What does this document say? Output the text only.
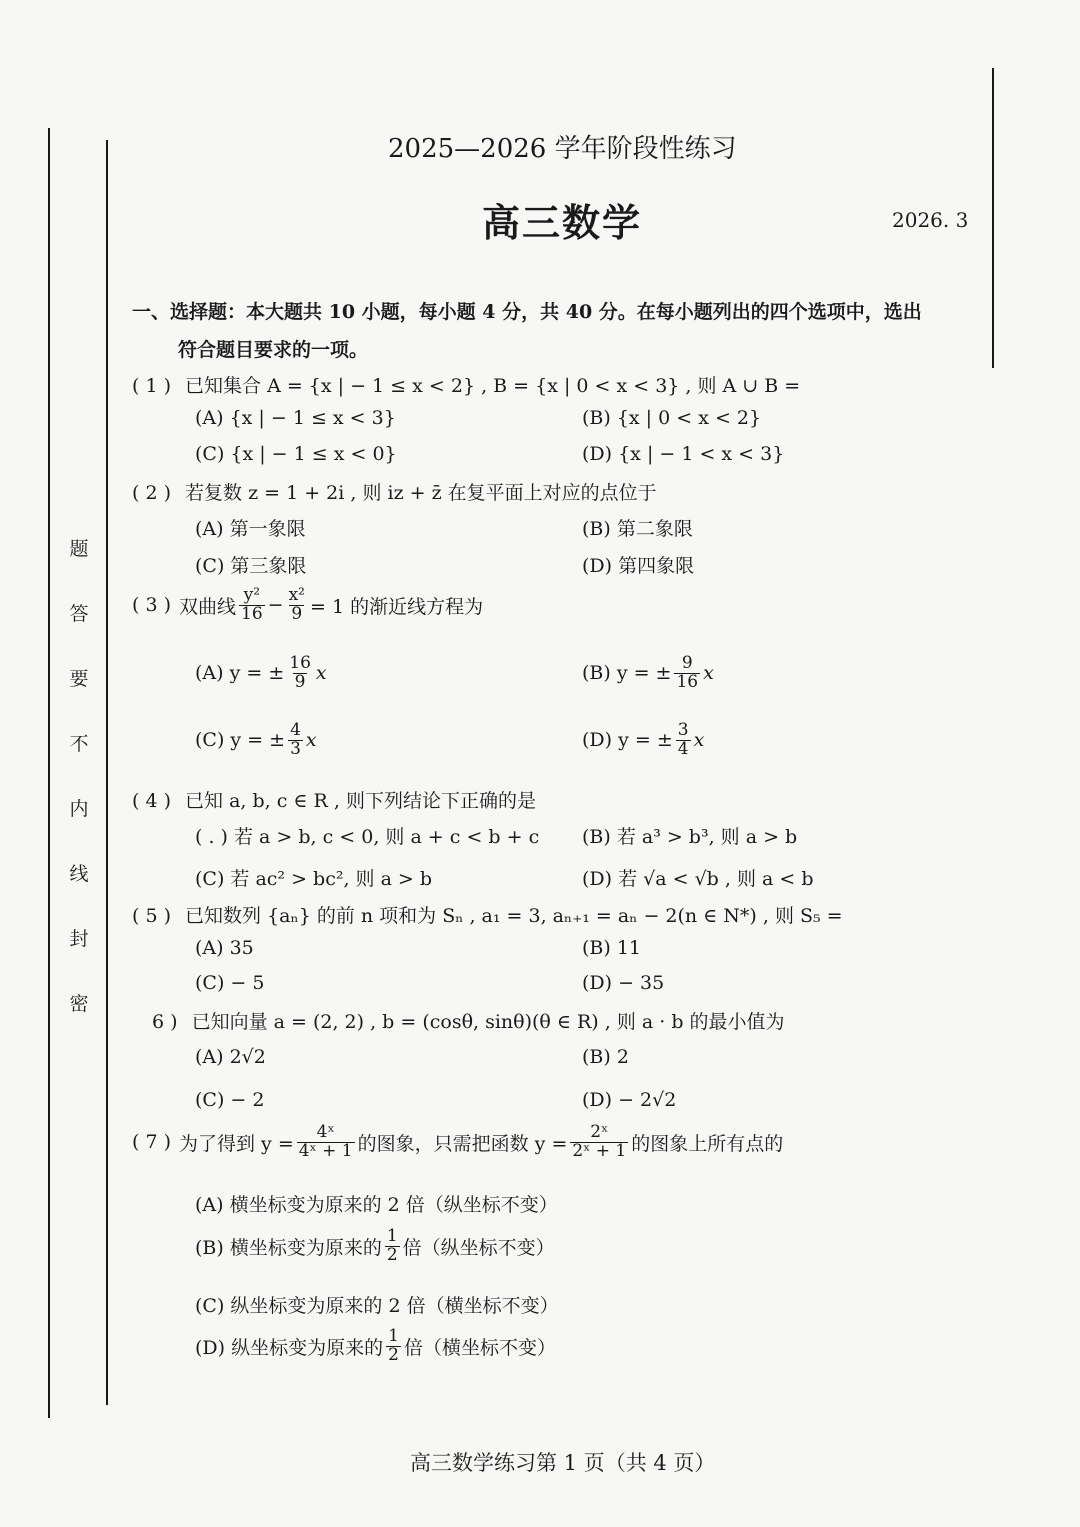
题
答
要
不
内
线
封
密
2025—2026 学年阶段性练习
高三数学	2026. 3
一、选择题：本大题共 10 小题，每小题 4 分，共 40 分。在每小题列出的四个选项中，选出
符合题目要求的一项。
( 1 ) 已知集合 A = {x | − 1 ≤ x < 2} , B = {x | 0 < x < 3} , 则 A ∪ B =
(A) {x | − 1 ≤ x < 3}	(B) {x | 0 < x < 2}
(C) {x | − 1 ≤ x < 0}	(D) {x | − 1 < x < 3}
( 2 ) 若复数 z = 1 + 2i , 则 iz + z̄ 在复平面上对应的点位于
(A) 第一象限	(B) 第二象限
(C) 第三象限	(D) 第四象限
( 3 ) 双曲线 $\frac{\text{y²}}{16} - \frac{\text{x²}}{9} = 1$ 的渐近线方程为
(A) y = ± $\frac{16}{9}$ x	(B) y = ± $\frac{9}{16}$ x
(C) y = ± $\frac{4}{3}$ x	(D) y = ± $\frac{3}{4}$ x
( 4 ) 已知 a, b, c ∈ R , 则下列结论下正确的是
( . ) 若 a > b, c < 0, 则 a + c < b + c (B) 若 a³ > b³, 则 a > b
(C) 若 ac² > bc², 则 a > b	(D) 若 √a < √b , 则 a < b
( 5 ) 已知数列 {aₙ} 的前 n 项和为 Sₙ , a₁ = 3, aₙ₊₁ = aₙ − 2(n ∈ N*) , 则 S₅ =
(A) 35	(B) 11
(C) − 5	(D) − 35
6 ) 已知向量 a = (2, 2) , b = (cosθ, sinθ)(θ ∈ R) , 则 a · b 的最小值为
(A) 2√2	(B) 2
(C) − 2	(D) − 2√2
( 7 ) 为了得到 $y = \frac{\text{4ˣ}}{\text{4ˣ + 1}}$ 的图象，只需把函数 $y = \frac{\text{2ˣ}}{\text{2ˣ + 1}}$ 的图象上所有点的
(A) 横坐标变为原来的 2 倍（纵坐标不变）
(B) 横坐标变为原来的 $\frac{1}{2}$ 倍（纵坐标不变）
(C) 纵坐标变为原来的 2 倍（横坐标不变）
(D) 纵坐标变为原来的 $\frac{1}{2}$ 倍（横坐标不变）
高三数学练习第 1 页（共 4 页）
